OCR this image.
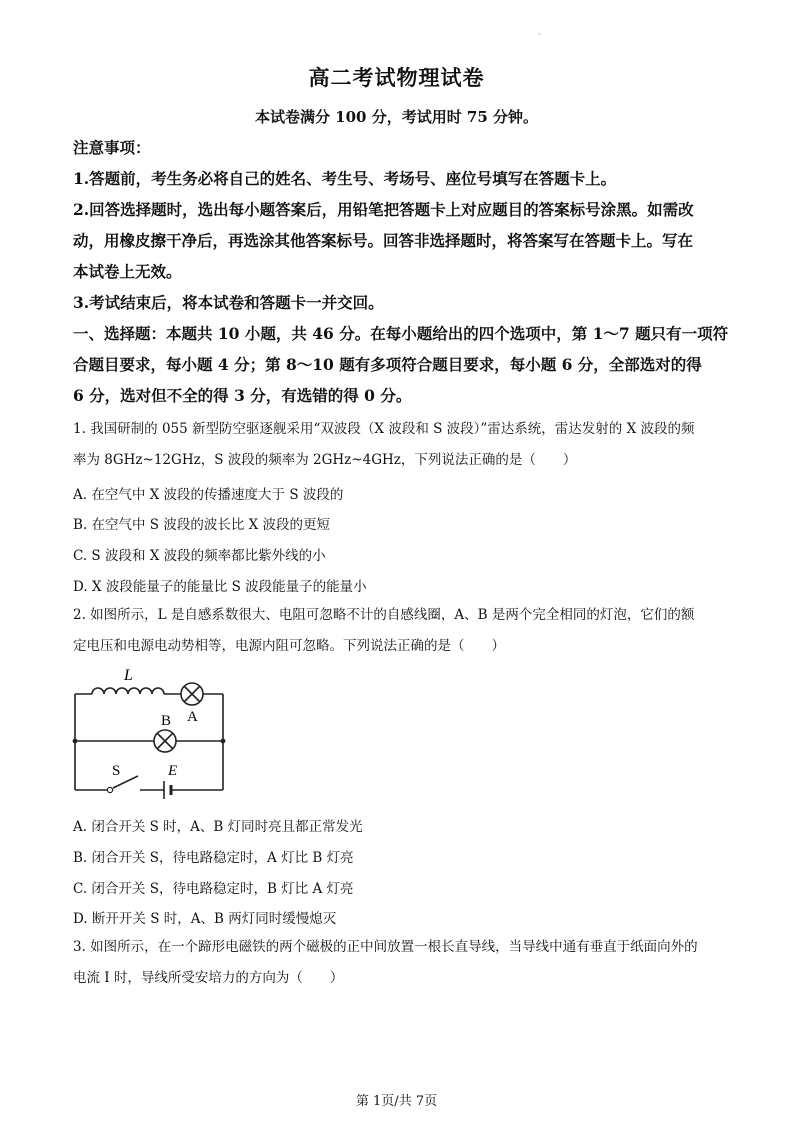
·
高二考试物理试卷
本试卷满分 100 分，考试用时 75 分钟。
注意事项：
1.答题前，考生务必将自己的姓名、考生号、考场号、座位号填写在答题卡上。
2.回答选择题时，选出每小题答案后，用铅笔把答题卡上对应题目的答案标号涂黑。如需改
动，用橡皮擦干净后，再选涂其他答案标号。回答非选择题时，将答案写在答题卡上。写在
本试卷上无效。
3.考试结束后，将本试卷和答题卡一并交回。
一、选择题：本题共 10 小题，共 46 分。在每小题给出的四个选项中，第 1～7 题只有一项符
合题目要求，每小题 4 分；第 8～10 题有多项符合题目要求，每小题 6 分，全部选对的得
6 分，选对但不全的得 3 分，有选错的得 0 分。
1. 我国研制的 055 新型防空驱逐舰采用“双波段（X 波段和 S 波段）”雷达系统，雷达发射的 X 波段的频
率为 8GHz~12GHz，S 波段的频率为 2GHz~4GHz，下列说法正确的是（　　）
A. 在空气中 X 波段的传播速度大于 S 波段的
B. 在空气中 S 波段的波长比 X 波段的更短
C. S 波段和 X 波段的频率都比紫外线的小
D. X 波段能量子的能量比 S 波段能量子的能量小
2. 如图所示，L 是自感系数很大、电阻可忽略不计的自感线圈，A、B 是两个完全相同的灯泡，它们的额
定电压和电源电动势相等，电源内阻可忽略。下列说法正确的是（　　）
L
A
B
S	E
A. 闭合开关 S 时，A、B 灯同时亮且都正常发光
B. 闭合开关 S，待电路稳定时，A 灯比 B 灯亮
C. 闭合开关 S，待电路稳定时，B 灯比 A 灯亮
D. 断开开关 S 时，A、B 两灯同时缓慢熄灭
3. 如图所示，在一个蹄形电磁铁的两个磁极的正中间放置一根长直导线，当导线中通有垂直于纸面向外的
电流 I 时，导线所受安培力的方向为（　　）
第 1页/共 7页
